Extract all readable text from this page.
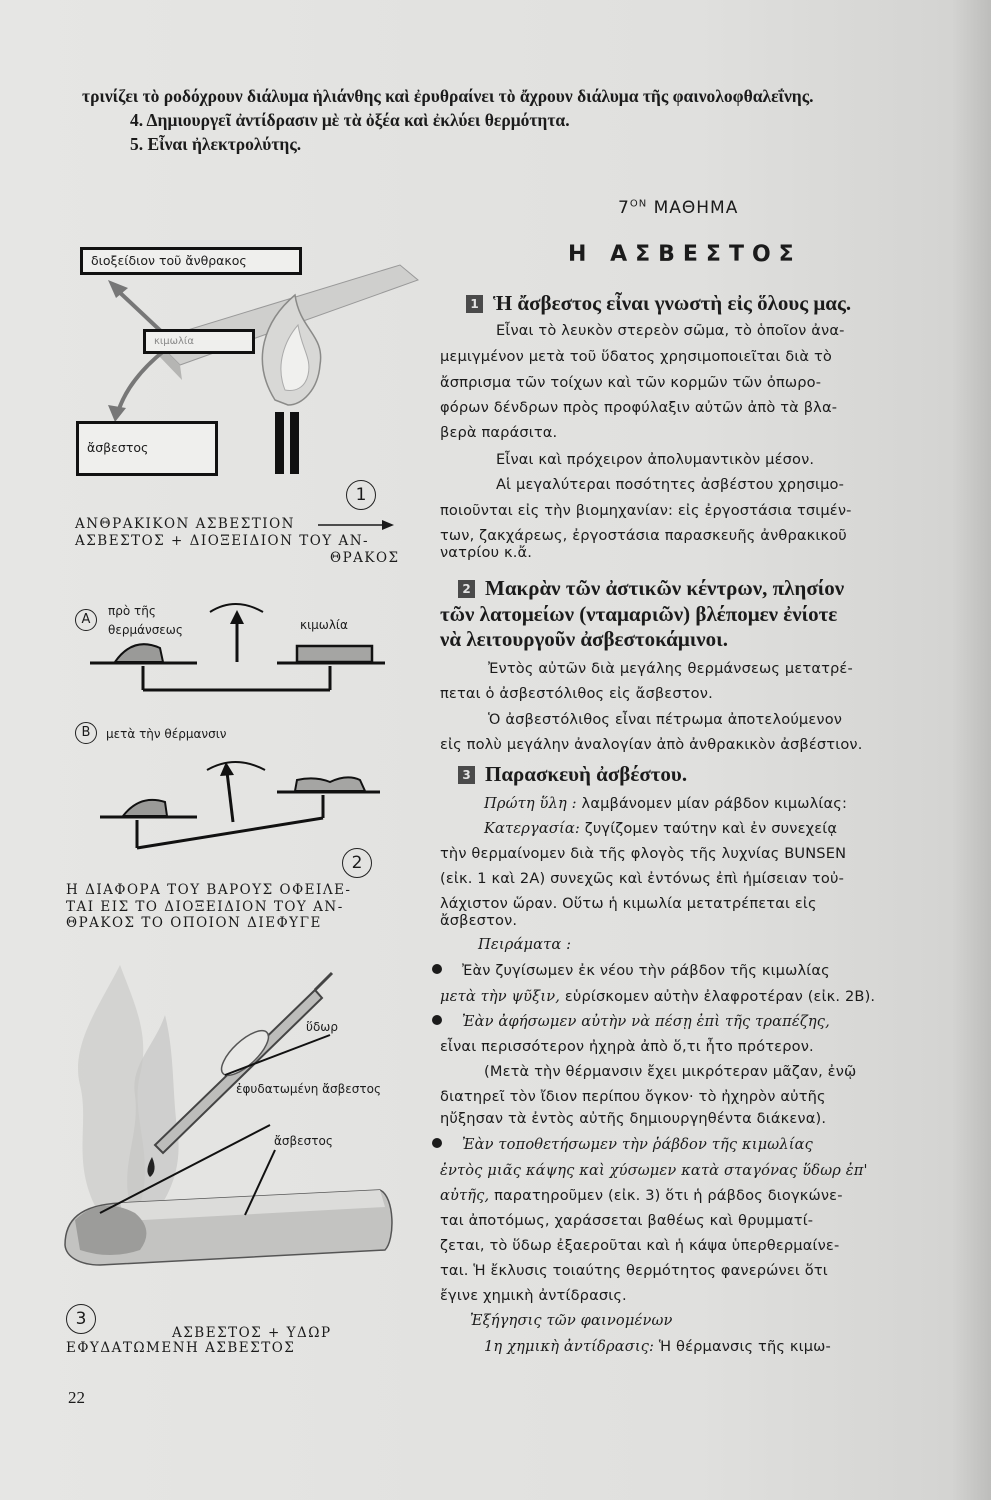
τρινίζει τὸ ροδόχρουν διάλυμα ἡλιάνθης καὶ ἐρυθραίνει τὸ ἄχρουν διάλυμα τῆς φαινολοφθαλεΐνης.
4. Δημιουργεῖ ἀντίδρασιν μὲ τὰ ὀξέα καὶ ἐκλύει θερμότητα.
5. Εἶναι ἠλεκτρολύτης.
$7^{ON}$ ΜΑΘΗΜΑ
Η ΑΣΒΕΣΤΟΣ
1 Ἡ ἄσβεστος εἶναι γνωστὴ εἰς ὅλους μας.
Εἶναι τὸ λευκὸν στερεὸν σῶμα, τὸ ὁποῖον ἀνα-
μεμιγμένον μετὰ τοῦ ὕδατος χρησιμοποιεῖται διὰ τὸ
ἄσπρισμα τῶν τοίχων καὶ τῶν κορμῶν τῶν ὀπωρο-
φόρων δένδρων πρὸς προφύλαξιν αὐτῶν ἀπὸ τὰ βλα-
βερὰ παράσιτα.
Εἶναι καὶ πρόχειρον ἀπολυμαντικὸν μέσον.
Αἱ μεγαλύτεραι ποσότητες ἀσβέστου χρησιμο-
ποιοῦνται εἰς τὴν βιομηχανίαν: εἰς ἐργοστάσια τσιμέν-
των, ζακχάρεως, ἐργοστάσια παρασκευῆς ἀνθρακικοῦ
νατρίου κ.ἄ.
2 Μακρὰν τῶν ἀστικῶν κέντρων, πλησίον
τῶν λατομείων (νταμαριῶν) βλέπομεν ἐνίοτε
νὰ λειτουργοῦν ἀσβεστοκάμινοι.
Ἐντὸς αὐτῶν διὰ μεγάλης θερμάνσεως μετατρέ-
πεται ὁ ἀσβεστόλιθος εἰς ἄσβεστον.
Ὁ ἀσβεστόλιθος εἶναι πέτρωμα ἀποτελούμενον
εἰς πολὺ μεγάλην ἀναλογίαν ἀπὸ ἀνθρακικὸν ἀσβέστιον.
3 Παρασκευὴ ἀσβέστου.
Πρώτη ὕλη : λαμβάνομεν μίαν ράβδον κιμωλίας:
Κατεργασία: ζυγίζομεν ταύτην καὶ ἐν συνεχείᾳ
τὴν θερμαίνομεν διὰ τῆς φλογὸς τῆς λυχνίας BUNSEN
(εἰκ. 1 καὶ 2Α) συνεχῶς καὶ ἐντόνως ἐπὶ ἡμίσειαν τοὐ-
λάχιστον ὥραν. Οὕτω ἡ κιμωλία μετατρέπεται εἰς
ἄσβεστον.
Πειράματα :
Ἐὰν ζυγίσωμεν ἐκ νέου τὴν ράβδον τῆς κιμωλίας
μετὰ τὴν ψῦξιν, εὑρίσκομεν αὐτὴν ἐλαφροτέραν (εἰκ. 2Β).
Ἐὰν ἀφήσωμεν αὐτὴν νὰ πέσῃ ἐπὶ τῆς τραπέζης,
εἶναι περισσότερον ἠχηρὰ ἀπὸ ὅ,τι ἦτο πρότερον.
(Μετὰ τὴν θέρμανσιν ἔχει μικρότεραν μᾶζαν, ἐνῷ
διατηρεῖ τὸν ἴδιον περίπου ὄγκον· τὸ ἠχηρὸν αὐτῆς
ηὔξησαν τὰ ἐντὸς αὐτῆς δημιουργηθέντα διάκενα).
Ἐὰν τοποθετήσωμεν τὴν ῥάβδον τῆς κιμωλίας
ἐντὸς μιᾶς κάψης καὶ χύσωμεν κατὰ σταγόνας ὕδωρ ἐπ'
αὐτῆς, παρατηροῦμεν (εἰκ. 3) ὅτι ἡ ράβδος διογκώνε-
ται ἀποτόμως, χαράσσεται βαθέως καὶ θρυμματί-
ζεται, τὸ ὕδωρ ἐξαεροῦται καὶ ἡ κάψα ὑπερθερμαίνε-
ται. Ἡ ἔκλυσις τοιαύτης θερμότητος φανερώνει ὅτι
ἔγινε χημικὴ ἀντίδρασις.
Ἐξήγησις τῶν φαινομένων
1η χημικὴ ἀντίδρασις: Ἡ θέρμανσις τῆς κιμω-
διοξείδιον τοῦ ἄνθρακος
κιμωλία
ἄσβεστος
1
ΑΝΘΡΑΚΙΚΟΝ ΑΣΒΕΣΤΙΟΝ
ΑΣΒΕΣΤΟΣ + ΔΙΟΞΕΙΔΙΟΝ ΤΟΥ ΑΝ-
ΘΡΑΚΟΣ
Α
πρὸ τῆς θερμάνσεως	κιμωλία
Β	μετὰ τὴν θέρμανσιν
2
Η ΔΙΑΦΟΡΑ ΤΟΥ ΒΑΡΟΥΣ ΟΦΕΙΛΕ-
ΤΑΙ ΕΙΣ ΤΟ ΔΙΟΞΕΙΔΙΟΝ ΤΟΥ ΑΝ-
ΘΡΑΚΟΣ ΤΟ ΟΠΟΙΟΝ ΔΙΕΦΥΓΕ
ὕδωρ
ἐφυδατωμένη ἄσβεστος
ἄσβεστος
3
ΑΣΒΕΣΤΟΣ + ΥΔΩΡ
ΕΦΥΔΑΤΩΜΕΝΗ ΑΣΒΕΣΤΟΣ
22
